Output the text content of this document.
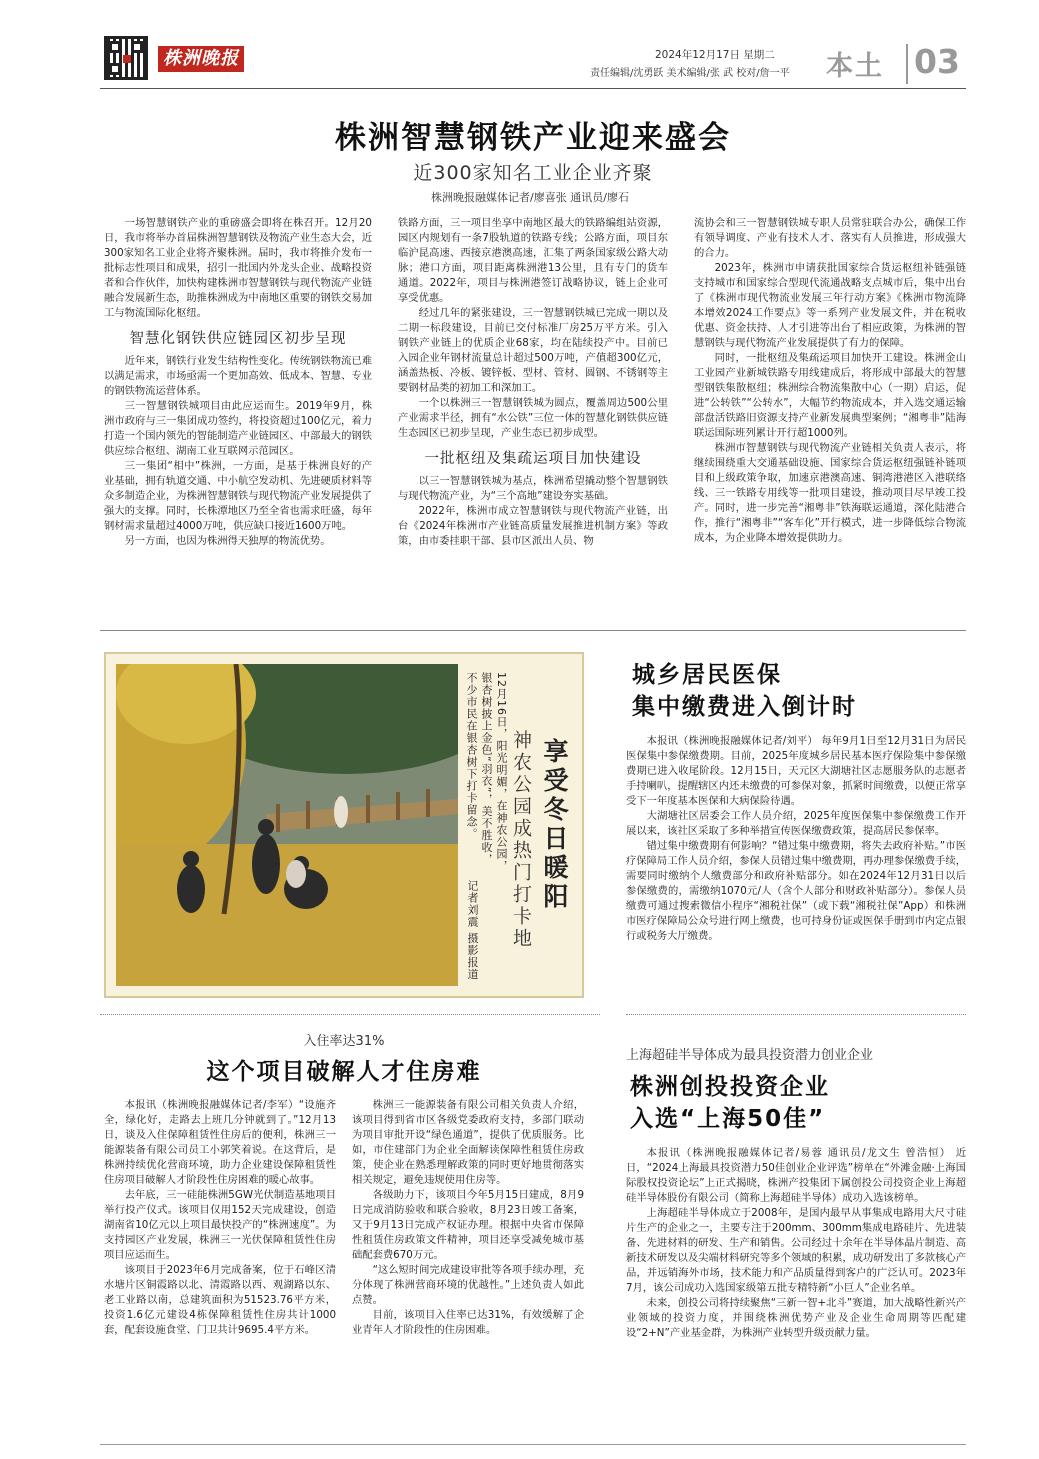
株洲晚报	2024年12月17日 星期二
责任编辑/沈勇跃 美术编辑/张 武 校对/詹一平	本土 03
株洲智慧钢铁产业迎来盛会
近300家知名工业企业齐聚
株洲晚报融媒体记者/廖喜张 通讯员/廖石

一场智慧钢铁产业的重磅盛会即将在株召开。12月20日，我市将举办首届株洲智慧钢铁及物流产业生态大会，近300家知名工业企业将齐聚株洲。届时，我市将推介发布一批标志性项目和成果，招引一批国内外龙头企业、战略投资者和合作伙伴，加快构建株洲市智慧钢铁与现代物流产业链融合发展新生态，助推株洲成为中南地区重要的钢铁交易加工与物流国际化枢纽。

智慧化钢铁供应链园区初步呈现

近年来，钢铁行业发生结构性变化。传统钢铁物流已难以满足需求，市场亟需一个更加高效、低成本、智慧、专业的钢铁物流运营体系。

三一智慧钢铁城项目由此应运而生。2019年9月，株洲市政府与三一集团成功签约，将投资超过100亿元，着力打造一个国内领先的智能制造产业链园区、中部最大的钢铁供应综合枢纽、湖南工业互联网示范园区。

三一集团“相中”株洲，一方面，是基于株洲良好的产业基础，拥有轨道交通、中小航空发动机、先进硬质材料等众多制造企业，为株洲智慧钢铁与现代物流产业发展提供了强大的支撑。同时，长株潭地区乃至全省也需求旺盛，每年钢材需求量超过4000万吨，供应缺口接近1600万吨。

另一方面，也因为株洲得天独厚的物流优势。

铁路方面，三一项目坐享中南地区最大的铁路编组站资源，园区内规划有一条7股轨道的铁路专线；公路方面，项目东临沪昆高速、西接京港澳高速，汇集了两条国家级公路大动脉；港口方面，项目距离株洲港13公里，且有专门的货车通道。2022年，项目与株洲港签订战略协议，链上企业可享受优惠。

经过几年的紧张建设，三一智慧钢铁城已完成一期以及二期一标段建设，目前已交付标准厂房25万平方米。引入钢铁产业链上的优质企业68家，均在陆续投产中。目前已入园企业年钢材流量总计超过500万吨，产值超300亿元，涵盖热板、冷板、镀锌板、型材、管材、圆钢、不锈钢等主要钢材品类的初加工和深加工。

一个以株洲三一智慧钢铁城为圆点，覆盖周边500公里产业需求半径，拥有“水公铁”三位一体的智慧化钢铁供应链生态园区已初步呈现，产业生态已初步成型。

一批枢纽及集疏运项目加快建设

以三一智慧钢铁城为基点，株洲希望撬动整个智慧钢铁与现代物流产业，为“三个高地”建设夯实基础。

2022年，株洲市成立智慧钢铁与现代物流产业链，出台《2024年株洲市产业链高质量发展推进机制方案》等政策，由市委挂职干部、县市区派出人员、物

流协会和三一智慧钢铁城专职人员常驻联合办公，确保工作有领导调度、产业有技术人才、落实有人员推进，形成强大的合力。

2023年，株洲市申请获批国家综合货运枢纽补链强链支持城市和国家综合型现代流通战略支点城市后，集中出台了《株洲市现代物流业发展三年行动方案》《株洲市物流降本增效2024工作要点》等一系列产业发展文件，并在税收优惠、资金扶持、人才引进等出台了相应政策，为株洲的智慧钢铁与现代物流产业发展提供了有力的保障。

同时，一批枢纽及集疏运项目加快开工建设。株洲金山工业园产业新城铁路专用线建成后，将形成中部最大的智慧型钢铁集散枢纽；株洲综合物流集散中心（一期）启运，促进“公转铁”“公转水”，大幅节约物流成本，并入选交通运输部盘活铁路旧资源支持产业新发展典型案例；“湘粤非”陆海联运国际班列累计开行超1000列。

株洲市智慧钢铁与现代物流产业链相关负责人表示，将继续围绕重大交通基础设施、国家综合货运枢纽强链补链项目和上级政策争取，加速京港澳高速、铜湾港港区入港联络线、三一铁路专用线等一批项目建设，推动项目尽早竣工投产。同时，进一步完善“湘粤非”铁海联运通道，深化陆港合作，推行“湘粤非”“客车化”开行模式，进一步降低综合物流成本，为企业降本增效提供助力。

享受冬日暖阳
神农公园成热门打卡地
12月16日，阳光明媚，在神农公园，银杏树披上金色“羽衣”，美不胜收，不少市民在银杏树下打卡留念。
记者刘震 摄影报道
城乡居民医保
集中缴费进入倒计时

本报讯（株洲晚报融媒体记者/刘平） 每年9月1日至12月31日为居民医保集中参保缴费期。目前，2025年度城乡居民基本医疗保险集中参保缴费期已进入收尾阶段。12月15日，天元区大湖塘社区志愿服务队的志愿者手持喇叭，提醒辖区内还未缴费的可参保对象，抓紧时间缴费，以便正常享受下一年度基本医保和大病保险待遇。

大湖塘社区居委会工作人员介绍，2025年度医保集中参保缴费工作开展以来，该社区采取了多种举措宣传医保缴费政策，提高居民参保率。

错过集中缴费期有何影响？“错过集中缴费期，将失去政府补贴。”市医疗保障局工作人员介绍，参保人员错过集中缴费期，再办理参保缴费手续，需要同时缴纳个人缴费部分和政府补贴部分。如在2024年12月31日以后参保缴费的，需缴纳1070元/人（含个人部分和财政补贴部分）。参保人员缴费可通过搜索微信小程序“湘税社保”（或下载“湘税社保”App）和株洲市医疗保障局公众号进行网上缴费，也可持身份证或医保手册到市内定点银行或税务大厅缴费。

入住率达31%
这个项目破解人才住房难

本报讯（株洲晚报融媒体记者/李军）“设施齐全，绿化好，走路去上班几分钟就到了。”12月13日，谈及入住保障租赁性住房后的便利，株洲三一能源装备有限公司员工小郭笑着说。在这背后，是株洲持续优化营商环境，助力企业建设保障租赁性住房项目破解人才阶段性住房困难的暖心故事。

去年底，三一硅能株洲5GW光伏制造基地项目举行投产仪式。该项目仅用152天完成建设，创造湖南省10亿元以上项目最快投产的“株洲速度”。为支持园区产业发展，株洲三一光伏保障租赁性住房项目应运而生。

该项目于2023年6月完成备案，位于石峰区清水塘片区铜霞路以北、清霞路以西、观湖路以东、老工业路以南，总建筑面积为51523.76平方米，投资1.6亿元建设4栋保障租赁性住房共计1000套，配套设施食堂、门卫共计9695.4平方米。

株洲三一能源装备有限公司相关负责人介绍，该项目得到省市区各级党委政府支持，多部门联动为项目审批开设“绿色通道”，提供了优质服务。比如，市住建部门为企业全面解读保障性租赁住房政策，使企业在熟悉理解政策的同时更好地贯彻落实相关规定，避免违规使用住房等。

各级助力下，该项目今年5月15日建成，8月9日完成消防验收和联合验收，8月23日竣工备案，又于9月13日完成产权证办理。根据中央省市保障性租赁住房政策文件精神，项目还享受减免城市基础配套费670万元。

“这么短时间完成建设审批等各项手续办理，充分体现了株洲营商环境的优越性。”上述负责人如此点赞。

目前，该项目入住率已达31%，有效缓解了企业青年人才阶段性的住房困难。

上海超硅半导体成为最具投资潜力创业企业
株洲创投投资企业
入选“上海50佳”

本报讯（株洲晚报融媒体记者/易蓉 通讯员/龙文生 曾浩恒） 近日，“2024上海最具投资潜力50佳创业企业评选”榜单在“外滩金融·上海国际股权投资论坛”上正式揭晓，株洲产投集团下属创投公司投资企业上海超硅半导体股份有限公司（简称上海超硅半导体）成功入选该榜单。

上海超硅半导体成立于2008年，是国内最早从事集成电路用大尺寸硅片生产的企业之一，主要专注于200mm、300mm集成电路硅片、先进装备、先进材料的研发、生产和销售。公司经过十余年在半导体晶片制造、高新技术研发以及尖端材料研究等多个领域的积累，成功研发出了多款核心产品，并远销海外市场，技术能力和产品质量得到客户的广泛认可。2023年7月，该公司成功入选国家级第五批专精特新“小巨人”企业名单。

未来，创投公司将持续聚焦“三新一智+北斗”赛道，加大战略性新兴产业领域的投资力度，并围绕株洲优势产业及企业生命周期等匹配建设“2+N”产业基金群，为株洲产业转型升级贡献力量。
